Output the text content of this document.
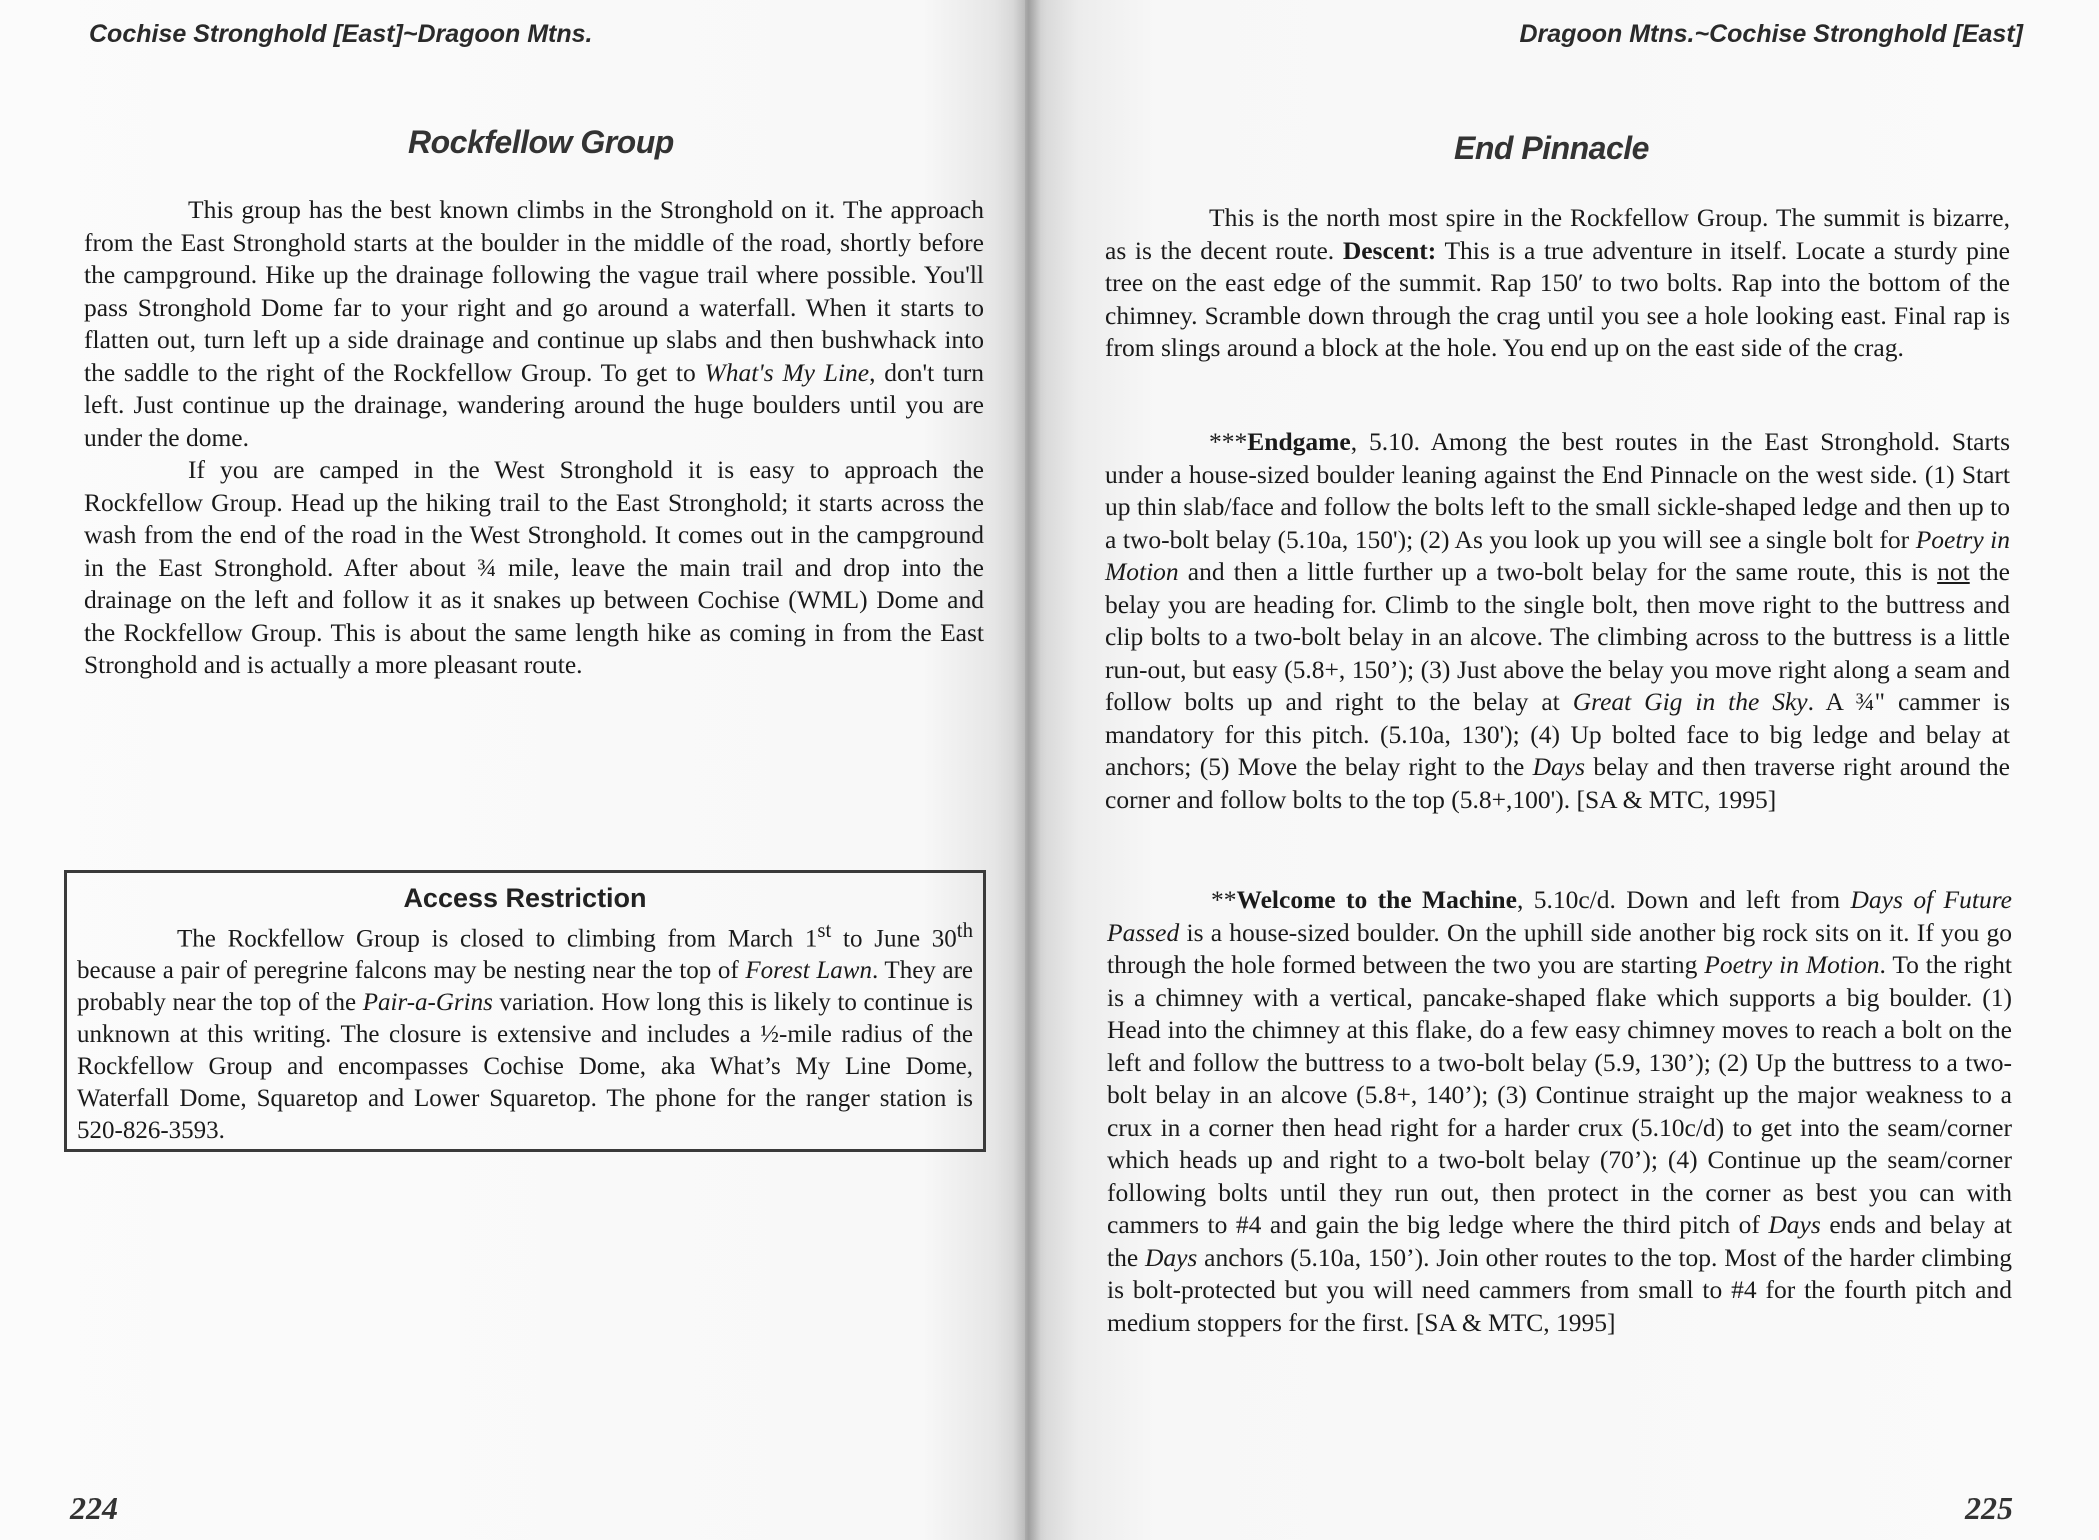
Cochise Stronghold [East]~Dragoon Mtns.
Rockfellow Group

This group has the best known climbs in the Stronghold on it. The approach from the East Stronghold starts at the boulder in the middle of the road, shortly before the campground. Hike up the drainage following the vague trail where possible. You'll pass Stronghold Dome far to your right and go around a waterfall. When it starts to flatten out, turn left up a side drainage and continue up slabs and then bushwhack into the saddle to the right of the Rockfellow Group. To get to What's My Line, don't turn left. Just continue up the drainage, wandering around the huge boulders until you are under the dome.

If you are camped in the West Stronghold it is easy to approach the Rockfellow Group. Head up the hiking trail to the East Stronghold; it starts across the wash from the end of the road in the West Stronghold. It comes out in the campground in the East Stronghold. After about ¾ mile, leave the main trail and drop into the drainage on the left and follow it as it snakes up between Cochise (WML) Dome and the Rockfellow Group. This is about the same length hike as coming in from the East Stronghold and is actually a more pleasant route.

Access Restriction

The Rockfellow Group is closed to climbing from March 1st to June 30th because a pair of peregrine falcons may be nesting near the top of Forest Lawn. They are probably near the top of the Pair-a-Grins variation. How long this is likely to continue is unknown at this writing. The closure is extensive and includes a ½-mile radius of the Rockfellow Group and encompasses Cochise Dome, aka What’s My Line Dome, Waterfall Dome, Squaretop and Lower Squaretop. The phone for the ranger station is 520-826-3593.

224
Dragoon Mtns.~Cochise Stronghold [East]
End Pinnacle

This is the north most spire in the Rockfellow Group. The summit is bizarre, as is the decent route. Descent: This is a true adventure in itself. Locate a sturdy pine tree on the east edge of the summit. Rap 150′ to two bolts. Rap into the bottom of the chimney. Scramble down through the crag until you see a hole looking east. Final rap is from slings around a block at the hole. You end up on the east side of the crag.

***Endgame, 5.10. Among the best routes in the East Stronghold. Starts under a house-sized boulder leaning against the End Pinnacle on the west side. (1) Start up thin slab/face and follow the bolts left to the small sickle-shaped ledge and then up to a two-bolt belay (5.10a, 150'); (2) As you look up you will see a single bolt for Poetry in Motion and then a little further up a two-bolt belay for the same route, this is not the belay you are heading for. Climb to the single bolt, then move right to the buttress and clip bolts to a two-bolt belay in an alcove. The climbing across to the buttress is a little run-out, but easy (5.8+, 150’); (3) Just above the belay you move right along a seam and follow bolts up and right to the belay at Great Gig in the Sky. A ¾" cammer is mandatory for this pitch. (5.10a, 130'); (4) Up bolted face to big ledge and belay at anchors; (5) Move the belay right to the Days belay and then traverse right around the corner and follow bolts to the top (5.8+,100'). [SA & MTC, 1995]

**Welcome to the Machine, 5.10c/d. Down and left from Days of Future Passed is a house-sized boulder. On the uphill side another big rock sits on it. If you go through the hole formed between the two you are starting Poetry in Motion. To the right is a chimney with a vertical, pancake-shaped flake which supports a big boulder. (1) Head into the chimney at this flake, do a few easy chimney moves to reach a bolt on the left and follow the buttress to a two-bolt belay (5.9, 130’); (2) Up the buttress to a two-bolt belay in an alcove (5.8+, 140’); (3) Continue straight up the major weakness to a crux in a corner then head right for a harder crux (5.10c/d) to get into the seam/corner which heads up and right to a two-bolt belay (70’); (4) Continue up the seam/corner following bolts until they run out, then protect in the corner as best you can with cammers to #4 and gain the big ledge where the third pitch of Days ends and belay at the Days anchors (5.10a, 150’). Join other routes to the top. Most of the harder climbing is bolt-protected but you will need cammers from small to #4 for the fourth pitch and medium stoppers for the first. [SA & MTC, 1995]

225
